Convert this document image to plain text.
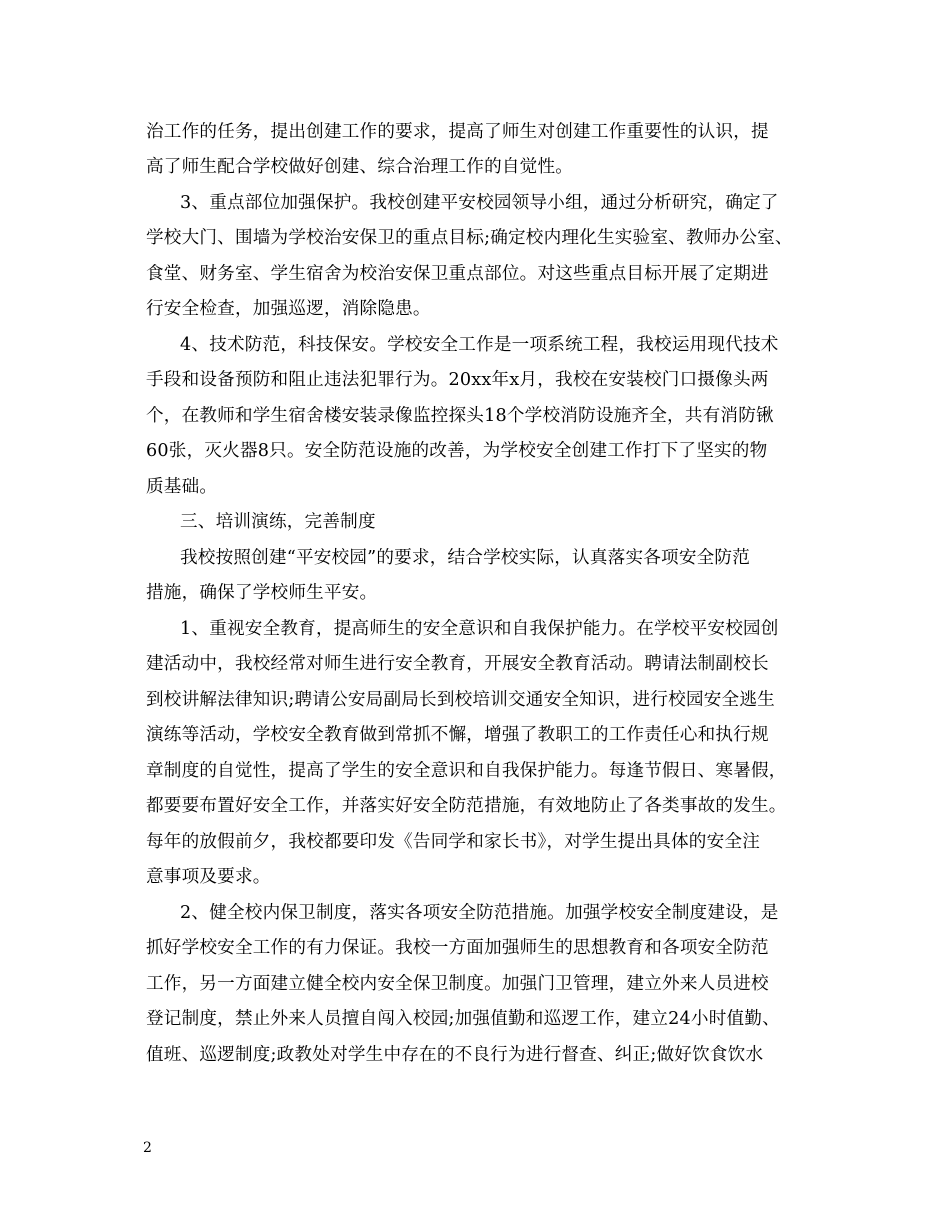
治工作的任务，提出创建工作的要求，提高了师生对创建工作重要性的认识，提
高了师生配合学校做好创建、综合治理工作的自觉性。
3、重点部位加强保护。我校创建平安校园领导小组，通过分析研究，确定了
学校大门、围墙为学校治安保卫的重点目标;确定校内理化生实验室、教师办公室、
食堂、财务室、学生宿舍为校治安保卫重点部位。对这些重点目标开展了定期进
行安全检查，加强巡逻，消除隐患。
4、技术防范，科技保安。学校安全工作是一项系统工程，我校运用现代技术
手段和设备预防和阻止违法犯罪行为。20xx年x月，我校在安装校门口摄像头两
个，在教师和学生宿舍楼安装录像监控探头18个学校消防设施齐全，共有消防锹
60张，灭火器8只。安全防范设施的改善，为学校安全创建工作打下了坚实的物
质基础。
三、培训演练，完善制度
我校按照创建“平安校园”的要求，结合学校实际，认真落实各项安全防范
措施，确保了学校师生平安。
1、重视安全教育，提高师生的安全意识和自我保护能力。在学校平安校园创
建活动中，我校经常对师生进行安全教育，开展安全教育活动。聘请法制副校长
到校讲解法律知识;聘请公安局副局长到校培训交通安全知识，进行校园安全逃生
演练等活动，学校安全教育做到常抓不懈，增强了教职工的工作责任心和执行规
章制度的自觉性，提高了学生的安全意识和自我保护能力。每逢节假日、寒暑假，
都要要布置好安全工作，并落实好安全防范措施，有效地防止了各类事故的发生。
每年的放假前夕，我校都要印发《告同学和家长书》，对学生提出具体的安全注
意事项及要求。
2、健全校内保卫制度，落实各项安全防范措施。加强学校安全制度建设，是
抓好学校安全工作的有力保证。我校一方面加强师生的思想教育和各项安全防范
工作，另一方面建立健全校内安全保卫制度。加强门卫管理，建立外来人员进校
登记制度，禁止外来人员擅自闯入校园;加强值勤和巡逻工作，建立24小时值勤、
值班、巡逻制度;政教处对学生中存在的不良行为进行督查、纠正;做好饮食饮水
2
